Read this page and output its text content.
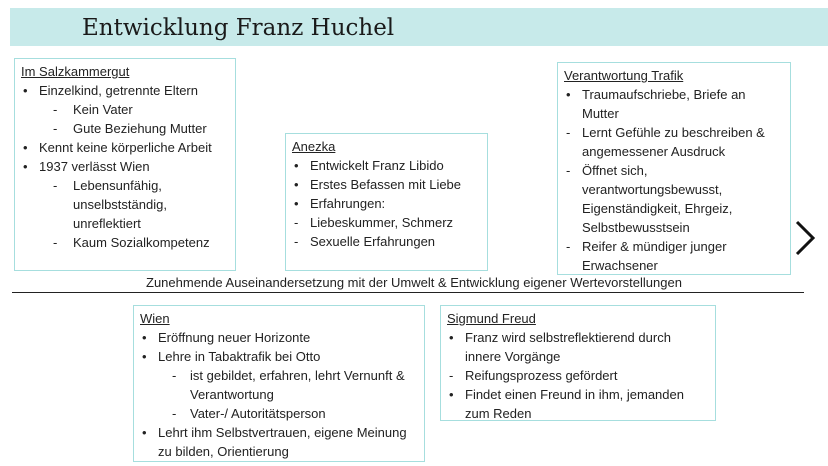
Entwicklung Franz Huchel
Im Salzkammergut
• Einzelkind, getrennte Eltern
- Kein Vater
- Gute Beziehung Mutter
• Kennt keine körperliche Arbeit
• 1937 verlässt Wien
- Lebensunfähig, unselbstständig, unreflektiert
- Kaum Sozialkompetenz
Anezka
• Entwickelt Franz Libido
• Erstes Befassen mit Liebe
• Erfahrungen:
- Liebeskummer, Schmerz
- Sexuelle Erfahrungen
Verantwortung Trafik
• Traumaufschriebe, Briefe an Mutter
- Lernt Gefühle zu beschreiben & angemessener Ausdruck
- Öffnet sich, verantwortungsbewusst, Eigenständigkeit, Ehrgeiz, Selbstbewusstsein
- Reifer & mündiger junger Erwachsener
Zunehmende Auseinandersetzung mit der Umwelt & Entwicklung eigener Wertevorstellungen
Wien
• Eröffnung neuer Horizonte
• Lehre in Tabaktrafik bei Otto
- ist gebildet, erfahren, lehrt Vernunft & Verantwortung
- Vater-/ Autoritätsperson
• Lehrt ihm Selbstvertrauen, eigene Meinung zu bilden, Orientierung
Sigmund Freud
• Franz wird selbstreflektierend durch innere Vorgänge
- Reifungsprozess gefördert
• Findet einen Freund in ihm, jemanden zum Reden
